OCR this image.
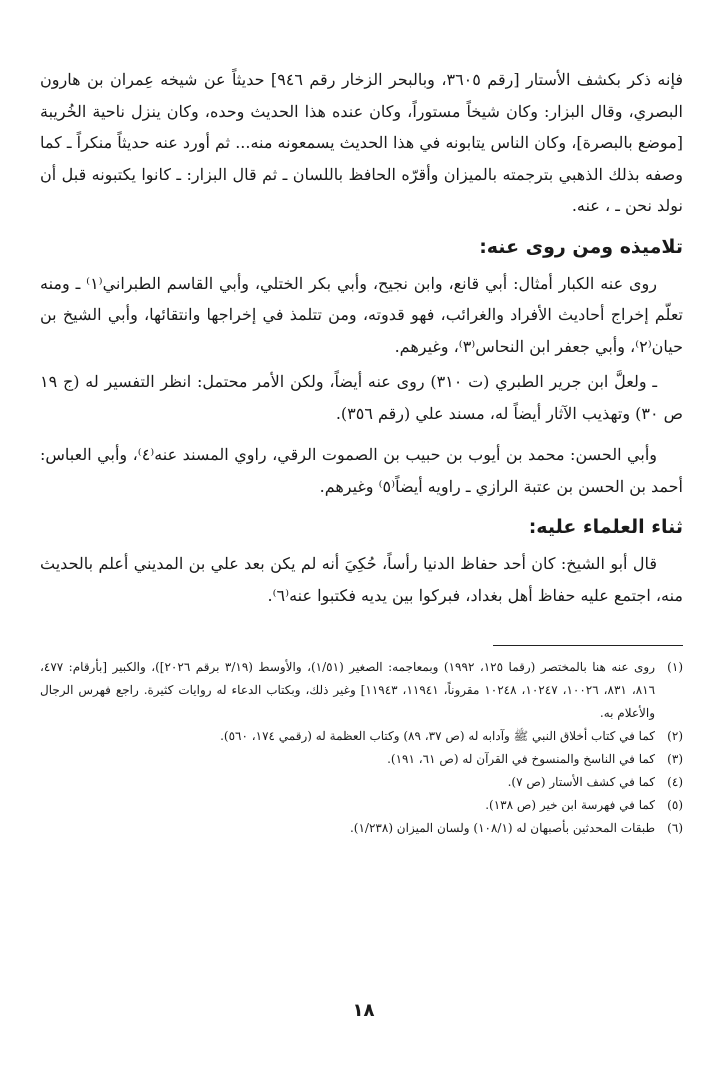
فإنه ذكر بكشف الأستار [رقم ٣٦٠٥، وبالبحر الزخار رقم ٩٤٦] حديثاً عن شيخه عِمران بن هارون البصري، وقال البزار: وكان شيخاً مستوراً، وكان عنده هذا الحديث وحده، وكان ينزل ناحية الخُريبة [موضع بالبصرة]، وكان الناس يتابونه في هذا الحديث يسمعونه منه... ثم أورد عنه حديثاً منكراً ـ كما وصفه بذلك الذهبي بترجمته بالميزان وأقرّه الحافظ باللسان ـ ثم قال البزار: ـ كانوا يكتبونه قبل أن نولد نحن ـ ، عنه.

تلاميذه ومن روى عنه:

روى عنه الكبار أمثال: أبي قانع، وابن نجيح، وأبي بكر الختلي، وأبي القاسم الطبراني⁽١⁾ ـ ومنه تعلّم إخراج أحاديث الأفراد والغرائب، فهو قدوته، ومن تتلمذ في إخراجها وانتقائها، وأبي الشيخ بن حيان⁽٢⁾، وأبي جعفر ابن النحاس⁽٣⁾، وغيرهم.

ـ ولعلَّ ابن جرير الطبري (ت ٣١٠) روى عنه أيضاً، ولكن الأمر محتمل: انظر التفسير له (ج ١٩ ص ٣٠) وتهذيب الآثار أيضاً له، مسند علي (رقم ٣٥٦).

وأبي الحسن: محمد بن أيوب بن حبيب بن الصموت الرقي، راوي المسند عنه⁽٤⁾، وأبي العباس: أحمد بن الحسن بن عتبة الرازي ـ راويه أيضاً⁽٥⁾ وغيرهم.

ثناء العلماء عليه:

قال أبو الشيخ: كان أحد حفاظ الدنيا رأساً، حُكِيَ أنه لم يكن بعد علي بن المديني أعلم بالحديث منه، اجتمع عليه حفاظ أهل بغداد، فبركوا بين يديه فكتبوا عنه⁽٦⁾.

(١)
روى عنه هنا بالمختصر (رقما ١٢٥، ١٩٩٢) وبمعاجمه: الصغير (١/٥١)، والأوسط (٣/١٩ برقم ٢٠٢٦])، والكبير [بأرقام: ٤٧٧، ٨١٦، ٨٣١، ١٠٠٢٦، ١٠٢٤٧، ١٠٢٤٨ مقروناً، ١١٩٤١، ١١٩٤٣] وغير ذلك، وبكتاب الدعاء له روايات كثيرة. راجع فهرس الرجال والأعلام به.
(٢)
كما في كتاب أخلاق النبي ﷺ وآدابه له (ص ٣٧، ٨٩) وكتاب العظمة له (رقمي ١٧٤، ٥٦٠).
(٣)
كما في الناسخ والمنسوخ في القرآن له (ص ٦١، ١٩١).
(٤)
كما في كشف الأستار (ص ٧).
(٥)
كما في فهرسة ابن خير (ص ١٣٨).
(٦)
طبقات المحدثين بأصبهان له (١٠٨/١) ولسان الميزان (١/٢٣٨).
١٨
